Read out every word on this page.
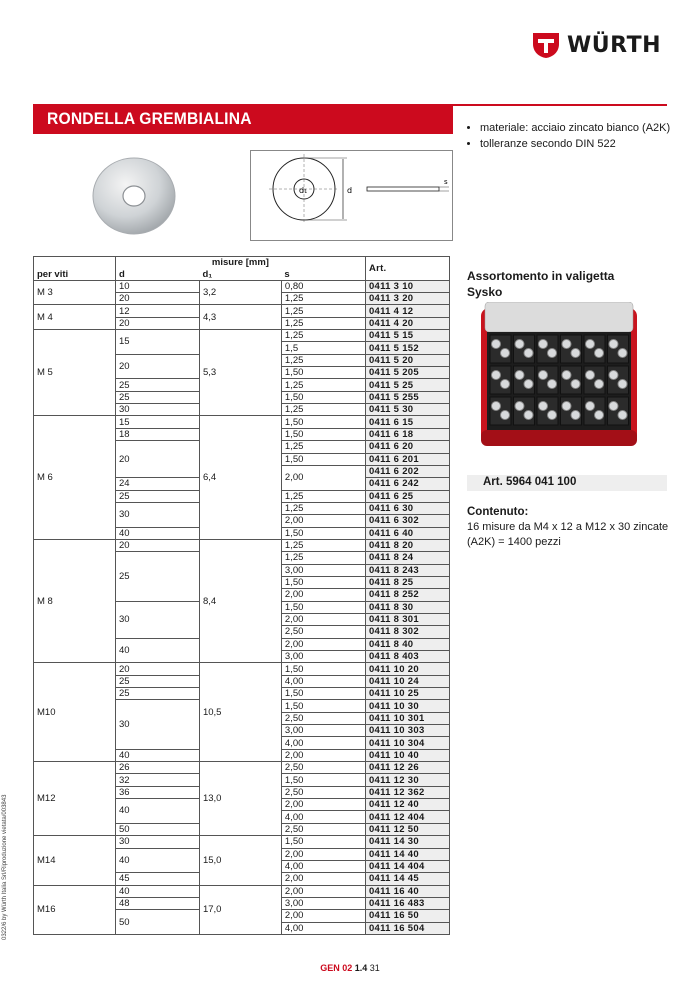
WÜRTH
RONDELLA GREMBIALINA
d₁	d
s
• materiale: acciaio zincato bianco (A2K)
• tolleranze secondo DIN 522
per viti	misure [mm]			Art.
	d	d₁	s	
M 3	10	3,2	0,80	0411 3 10
	20		1,25	0411 3 20
M 4	12	4,3	1,25	0411 4 12
	20		1,25	0411 4 20
M 5	15	5,3	1,25	0411 5 15
			1,5	0411 5 152
	20		1,25	0411 5 20
			1,50	0411 5 205
	25		1,25	0411 5 25
	25		1,50	0411 5 255
	30		1,25	0411 5 30
M 6	15	6,4	1,50	0411 6 15
	18		1,50	0411 6 18
	20		1,25	0411 6 20
			1,50	0411 6 201
			2,00	0411 6 202
	24			0411 6 242
	25		1,25	0411 6 25
	30		1,25	0411 6 30
			2,00	0411 6 302
	40		1,50	0411 6 40
M 8	20	8,4	1,25	0411 8 20
	25		1,25	0411 8 24
			3,00	0411 8 243
			1,50	0411 8 25
			2,00	0411 8 252
	30		1,50	0411 8 30
			2,00	0411 8 301
			2,50	0411 8 302
	40		2,00	0411 8 40
			3,00	0411 8 403
M10	20	10,5	1,50	0411 10 20
	25		4,00	0411 10 24
	25		1,50	0411 10 25
	30		1,50	0411 10 30
			2,50	0411 10 301
			3,00	0411 10 303
			4,00	0411 10 304
	40		2,00	0411 10 40
M12	26	13,0	2,50	0411 12 26
	32		1,50	0411 12 30
	36		2,50	0411 12 362
	40		2,00	0411 12 40
			4,00	0411 12 404
	50		2,50	0411 12 50
M14	30	15,0	1,50	0411 14 30
	40		2,00	0411 14 40
			4,00	0411 14 404
	45		2,00	0411 14 45
M16	40	17,0	2,00	0411 16 40
	48		3,00	0411 16 483
	50		2,00	0411 16 50
			4,00	0411 16 504
Assortomento in valigetta
Sysko
Art. 5964 041 100
Contenuto:
16 misure da M4 x 12 a M12 x 30 zincate (A2K) = 1400 pezzi
0322/6 by Würth Italia Srl/Riproduzione vietata/003843
GEN 02 1.4 31
